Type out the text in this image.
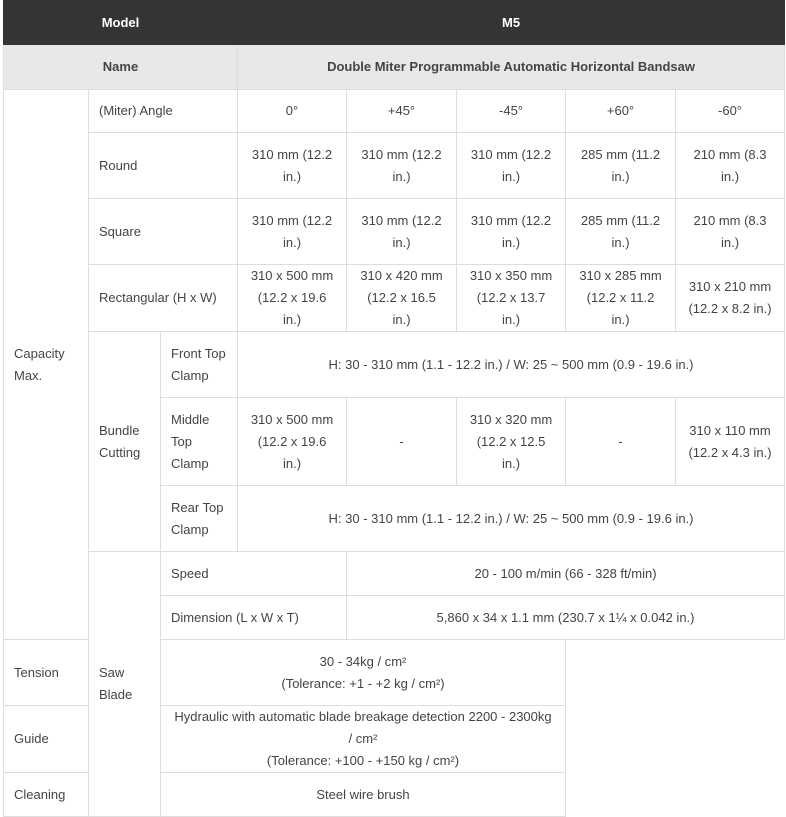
Model			M5				
Name			Double Miter Programmable Automatic Horizontal Bandsaw				
Capacity Max.	(Miter) Angle		0°	+45°	-45°	+60°	-60°
	Round		310 mm (12.2 in.)	310 mm (12.2 in.)	310 mm (12.2 in.)	285 mm (11.2 in.)	210 mm (8.3 in.)
	Square		310 mm (12.2 in.)	310 mm (12.2 in.)	310 mm (12.2 in.)	285 mm (11.2 in.)	210 mm (8.3 in.)
	Rectangular (H x W)		310 x 500 mm (12.2 x 19.6 in.)	310 x 420 mm (12.2 x 16.5 in.)	310 x 350 mm (12.2 x 13.7 in.)	310 x 285 mm (12.2 x 11.2 in.)	310 x 210 mm (12.2 x 8.2 in.)
	Bundle Cutting	Front Top Clamp	H: 30 - 310 mm (1.1 - 12.2 in.) / W: 25 ~ 500 mm (0.9 - 19.6 in.)				
		Middle Top Clamp	310 x 500 mm (12.2 x 19.6 in.)	-	310 x 320 mm (12.2 x 12.5 in.)	-	310 x 110 mm (12.2 x 4.3 in.)
		Rear Top Clamp	H: 30 - 310 mm (1.1 - 12.2 in.) / W: 25 ~ 500 mm (0.9 - 19.6 in.)				
	Saw Blade	Speed		20 - 100 m/min (66 - 328 ft/min)			
		Dimension (L x W x T)		5,860 x 34 x 1.1 mm (230.7 x 1¼ x 0.042 in.)			
Tension		30 - 34kg / cm²
(Tolerance: +1 - +2 kg / cm²)					

Guide		Hydraulic with automatic blade breakage detection 2200 - 2300kg / cm²
(Tolerance: +100 - +150 kg / cm²)					

Cleaning		Steel wire brush					
